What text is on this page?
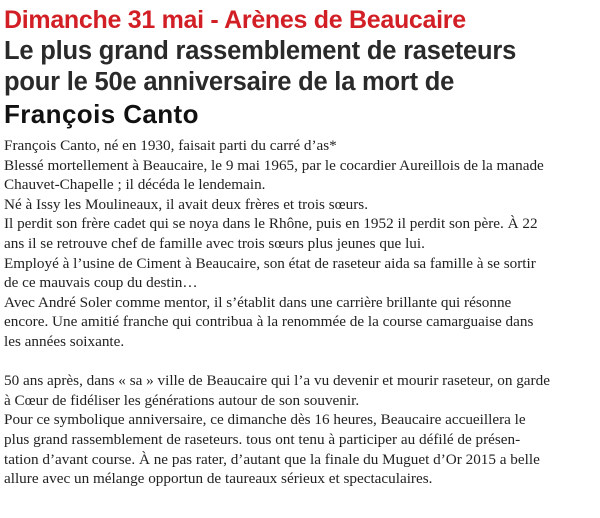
Dimanche 31 mai - Arènes de Beaucaire
Le plus grand rassemblement de raseteurs
pour le 50e anniversaire de la mort de
François Canto
François Canto, né en 1930, faisait parti du carré d’as*
Blessé mortellement à Beaucaire, le 9 mai 1965, par le cocardier Aureillois de la manade
Chauvet-Chapelle ; il décéda le lendemain.
Né à Issy les Moulineaux, il avait deux frères et trois sœurs.
Il perdit son frère cadet qui se noya dans le Rhône, puis en 1952 il perdit son père. À 22
ans il se retrouve chef de famille avec trois sœurs plus jeunes que lui.
Employé à l’usine de Ciment à Beaucaire, son état de raseteur aida sa famille à se sortir
de ce mauvais coup du destin…
Avec André Soler comme mentor, il s’établit dans une carrière brillante qui résonne
encore. Une amitié franche qui contribua à la renommée de la course camarguaise dans
les années soixante.
50 ans après, dans « sa » ville de Beaucaire qui l’a vu devenir et mourir raseteur, on garde
à Cœur de fidéliser les générations autour de son souvenir.
Pour ce symbolique anniversaire, ce dimanche dès 16 heures, Beaucaire accueillera le
plus grand rassemblement de raseteurs. tous ont tenu à participer au défilé de présen-
tation d’avant course. À ne pas rater, d’autant que la finale du Muguet d’Or 2015 a belle
allure avec un mélange opportun de taureaux sérieux et spectaculaires.
